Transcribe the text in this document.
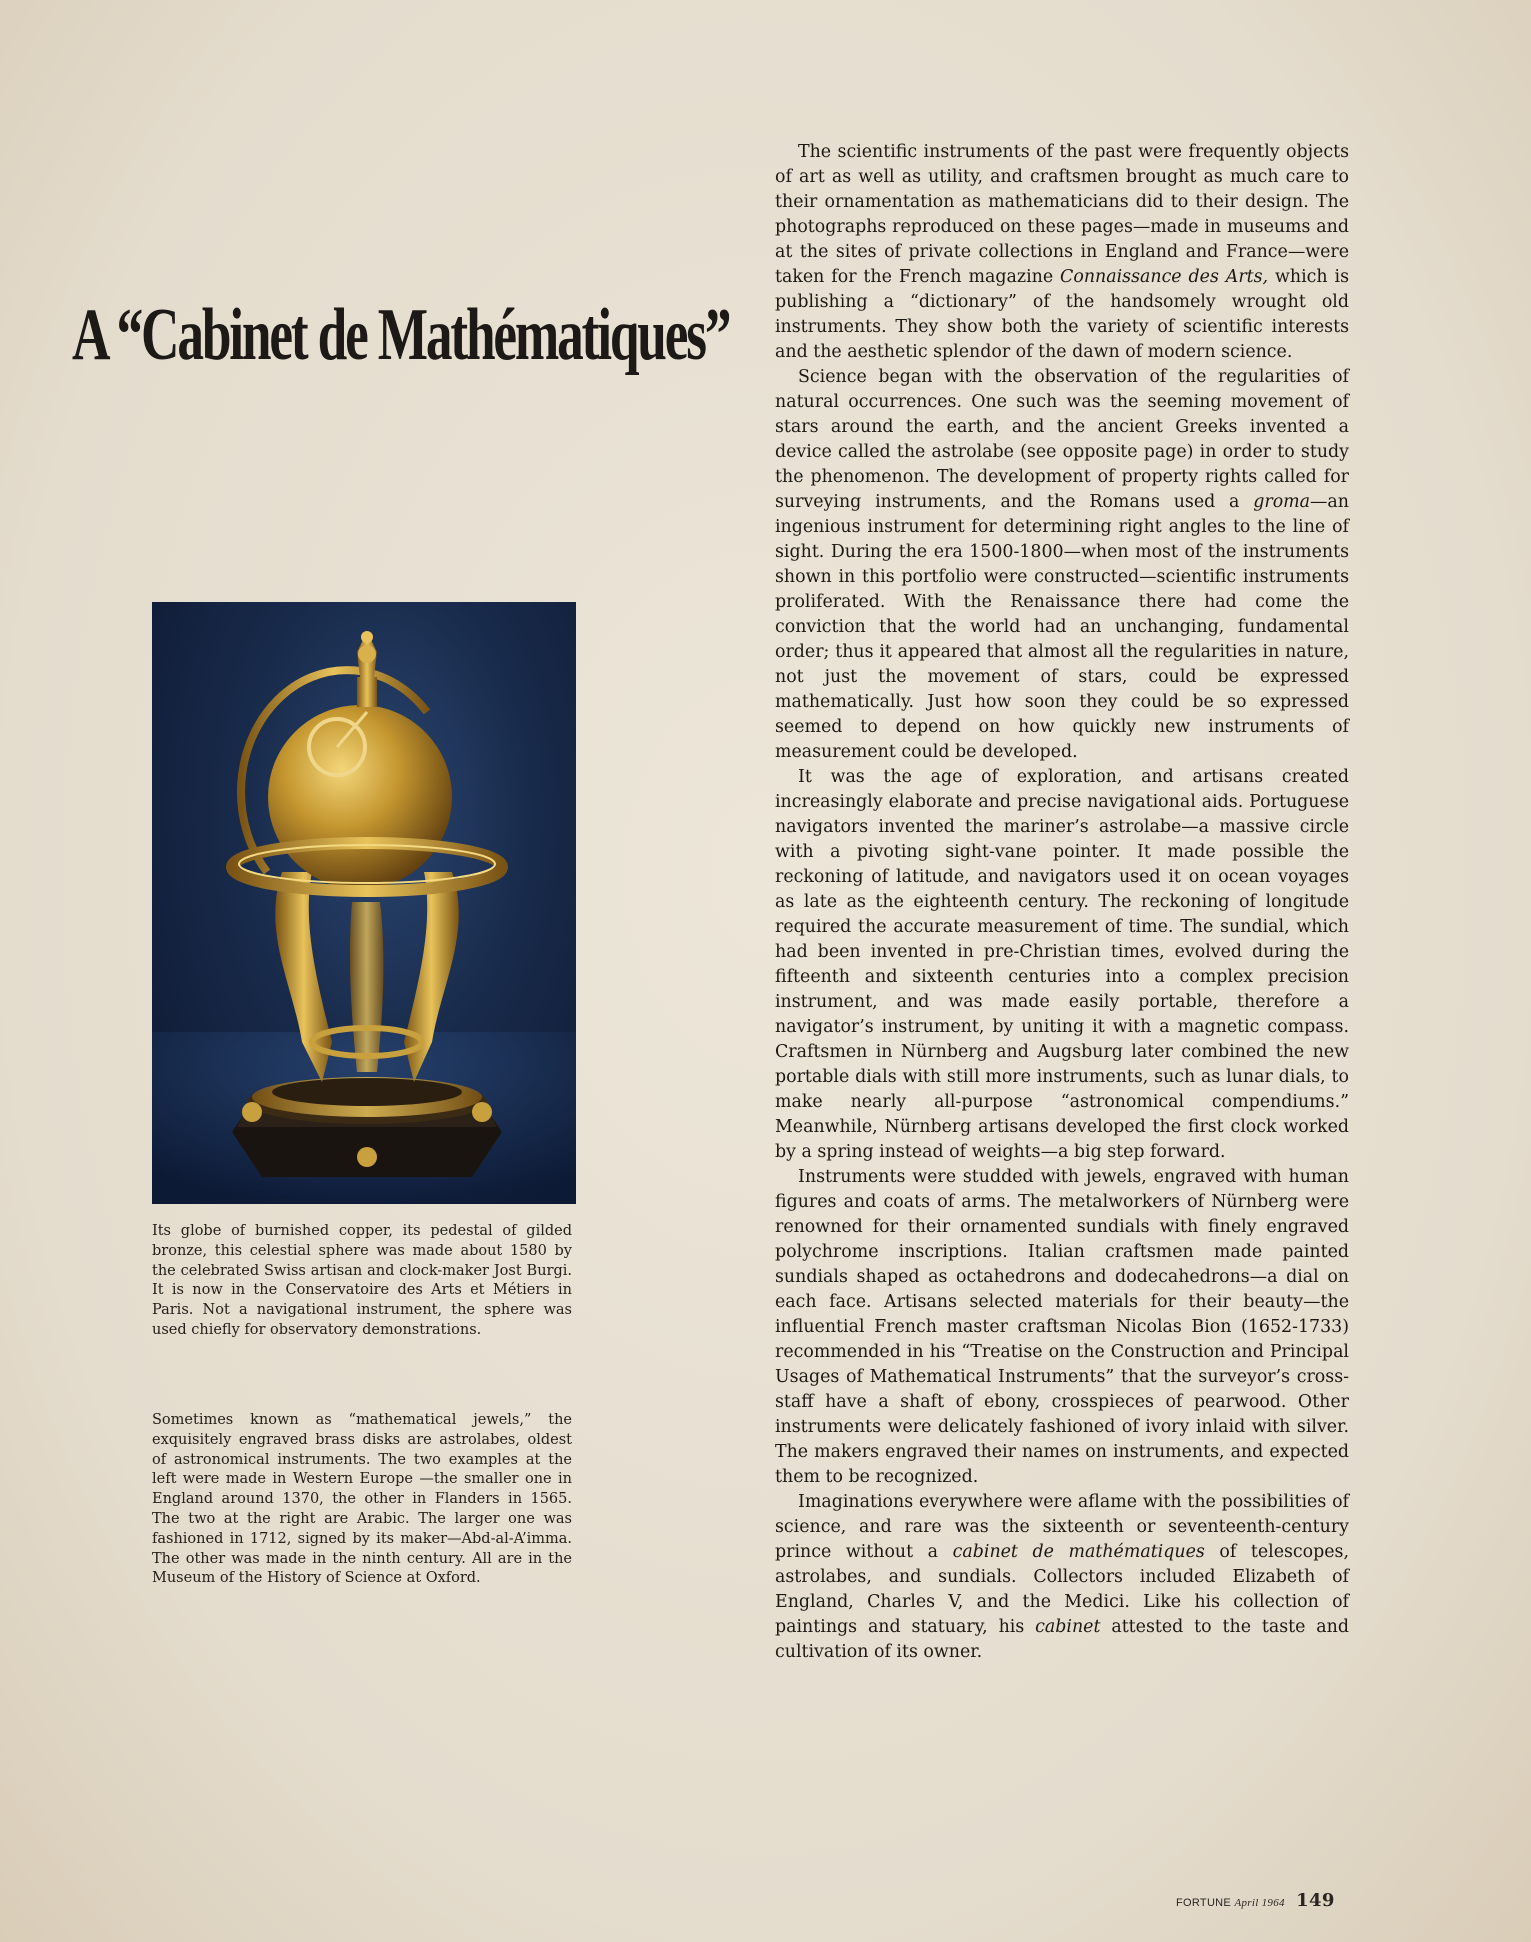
A “Cabinet de Mathématiques”

Its globe of burnished copper, its pedestal of gilded bronze, this celestial sphere was made about 1580 by the celebrated Swiss artisan and clock-maker Jost Burgi. It is now in the Conservatoire des Arts et Métiers in Paris. Not a navigational instrument, the sphere was used chiefly for observatory demonstrations.

Sometimes known as “mathematical jewels,” the exquisitely engraved brass disks are astrolabes, oldest of astronomical instruments. The two examples at the left were made in Western Europe —the smaller one in England around 1370, the other in Flanders in 1565. The two at the right are Arabic. The larger one was fashioned in 1712, signed by its maker—Abd-al-A’imma. The other was made in the ninth century. All are in the Museum of the History of Science at Oxford.

The scientific instruments of the past were frequently objects of art as well as utility, and craftsmen brought as much care to their ornamentation as mathematicians did to their design. The photographs reproduced on these pages—made in museums and at the sites of private collections in England and France—were taken for the French magazine Connaissance des Arts, which is publishing a “dictionary” of the handsomely wrought old instruments. They show both the variety of scientific interests and the aesthetic splendor of the dawn of modern science.

Science began with the observation of the regularities of natural occurrences. One such was the seeming movement of stars around the earth, and the ancient Greeks invented a device called the astrolabe (see opposite page) in order to study the phenomenon. The development of property rights called for surveying instruments, and the Romans used a groma—an ingenious instrument for determining right angles to the line of sight. During the era 1500-1800—when most of the instruments shown in this portfolio were constructed—scientific instruments proliferated. With the Renaissance there had come the conviction that the world had an unchanging, fundamental order; thus it appeared that almost all the regularities in nature, not just the movement of stars, could be expressed mathematically. Just how soon they could be so expressed seemed to depend on how quickly new instruments of measurement could be developed.

It was the age of exploration, and artisans created increasingly elaborate and precise navigational aids. Portuguese navigators invented the mariner’s astrolabe—a massive circle with a pivoting sight-vane pointer. It made possible the reckoning of latitude, and navigators used it on ocean voyages as late as the eighteenth century. The reckoning of longitude required the accurate measurement of time. The sundial, which had been invented in pre-Christian times, evolved during the fifteenth and sixteenth centuries into a complex precision instrument, and was made easily portable, therefore a navigator’s instrument, by uniting it with a magnetic compass. Craftsmen in Nürnberg and Augsburg later combined the new portable dials with still more instruments, such as lunar dials, to make nearly all-purpose “astronomical compendiums.” Meanwhile, Nürnberg artisans developed the first clock worked by a spring instead of weights—a big step forward.

Instruments were studded with jewels, engraved with human figures and coats of arms. The metalworkers of Nürnberg were renowned for their ornamented sundials with finely engraved polychrome inscriptions. Italian craftsmen made painted sundials shaped as octahedrons and dodecahedrons—a dial on each face. Artisans selected materials for their beauty—the influential French master craftsman Nicolas Bion (1652-1733) recommended in his “Treatise on the Construction and Principal Usages of Mathematical Instruments” that the surveyor’s cross-staff have a shaft of ebony, crosspieces of pearwood. Other instruments were delicately fashioned of ivory inlaid with silver. The makers engraved their names on instruments, and expected them to be recognized.

Imaginations everywhere were aflame with the possibilities of science, and rare was the sixteenth or seventeenth-century prince without a cabinet de mathématiques of telescopes, astrolabes, and sundials. Collectors included Elizabeth of England, Charles V, and the Medici. Like his collection of paintings and statuary, his cabinet attested to the taste and cultivation of its owner.

FORTUNE April 1964 149
